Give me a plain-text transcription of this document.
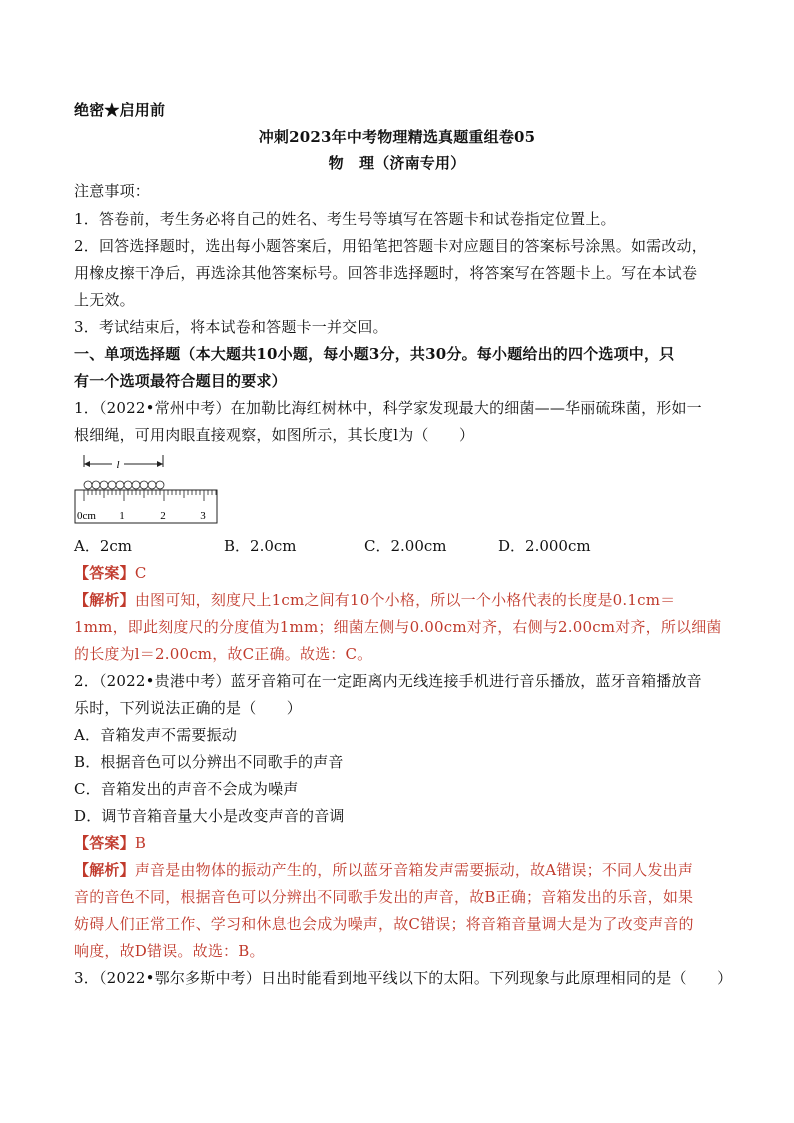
绝密★启用前
冲刺2023年中考物理精选真题重组卷05
物　理（济南专用）
注意事项：
1．答卷前，考生务必将自己的姓名、考生号等填写在答题卡和试卷指定位置上。
2．回答选择题时，选出每小题答案后，用铅笔把答题卡对应题目的答案标号涂黑。如需改动，
用橡皮擦干净后，再选涂其他答案标号。回答非选择题时，将答案写在答题卡上。写在本试卷
上无效。
3．考试结束后，将本试卷和答题卡一并交回。
一、单项选择题（本大题共10小题，每小题3分，共30分。每小题给出的四个选项中，只
有一个选项最符合题目的要求）
1．（2022•常州中考）在加勒比海红树林中，科学家发现最大的细菌——华丽硫珠菌，形如一
根细绳，可用肉眼直接观察，如图所示，其长度l为（　　）
l
0cm 1	2	3
A．2cm	B．2.0cm	C．2.00cm	D．2.000cm
【答案】C
【解析】由图可知，刻度尺上1cm之间有10个小格，所以一个小格代表的长度是0.1cm＝
1mm，即此刻度尺的分度值为1mm；细菌左侧与0.00cm对齐，右侧与2.00cm对齐，所以细菌
的长度为l＝2.00cm，故C正确。故选：C。
2．（2022•贵港中考）蓝牙音箱可在一定距离内无线连接手机进行音乐播放，蓝牙音箱播放音
乐时，下列说法正确的是（　　）
A．音箱发声不需要振动
B．根据音色可以分辨出不同歌手的声音
C．音箱发出的声音不会成为噪声
D．调节音箱音量大小是改变声音的音调
【答案】B
【解析】声音是由物体的振动产生的，所以蓝牙音箱发声需要振动，故A错误；不同人发出声
音的音色不同，根据音色可以分辨出不同歌手发出的声音，故B正确；音箱发出的乐音，如果
妨碍人们正常工作、学习和休息也会成为噪声，故C错误；将音箱音量调大是为了改变声音的
响度，故D错误。故选：B。
3．（2022•鄂尔多斯中考）日出时能看到地平线以下的太阳。下列现象与此原理相同的是（　　）
